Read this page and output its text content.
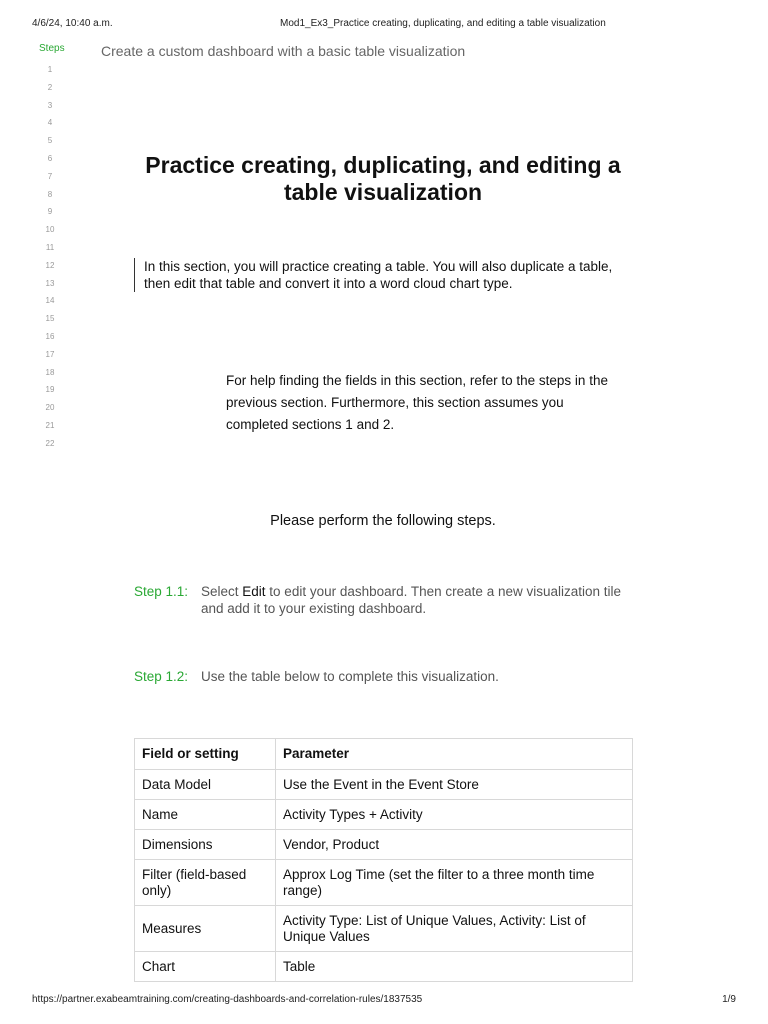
4/6/24, 10:40 a.m.	Mod1_Ex3_Practice creating, duplicating, and editing a table visualization
Steps	Create a custom dashboard with a basic table visualization
1
2
3
4
5
6
7
8
9
10
11
12
13
14
15
16
17
18
19
20
21
22
Practice creating, duplicating, and editing a table visualization

In this section, you will practice creating a table. You will also duplicate a table, then edit that table and convert it into a word cloud chart type.

For help finding the fields in this section, refer to the steps in the previous section. Furthermore, this section assumes you completed sections 1 and 2.

Please perform the following steps.

Step 1.1: Select Edit to edit your dashboard. Then create a new visualization tile and add it to your existing dashboard.
Step 1.2: Use the table below to complete this visualization.
Field or setting	Parameter
Data Model	Use the Event in the Event Store
Name	Activity Types + Activity
Dimensions	Vendor, Product
Filter (field-based only)	Approx Log Time (set the filter to a three month time range)
Measures	Activity Type: List of Unique Values, Activity: List of Unique Values
Chart	Table
https://partner.exabeamtraining.com/creating-dashboards-and-correlation-rules/1837535	1/9
